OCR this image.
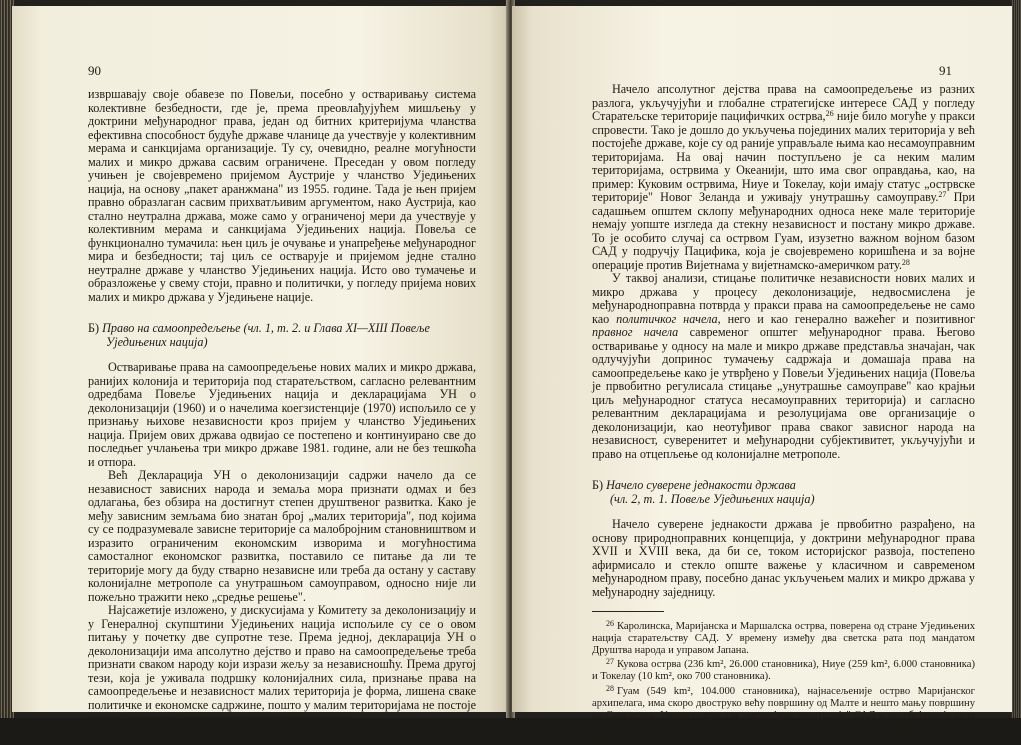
90

извршавају своје обавезе по Повељи, посебно у остваривању система колективне безбедности, где је, према преовлађујућем мишљењу у доктрини међународног права, један од битних критеријума чланства ефективна способност будуће државе чланице да учествује у колективним мерама и санкцијама организације. Ту су, очевидно, реалне могућности малих и микро држава сасвим ограничене. Преседан у овом погледу учињен је својевремено пријемом Аустрије у чланство Уједињених нација, на основу „пакет аранжмана" из 1955. године. Тада је њен пријем правно образлаган сасвим прихватљивим аргументом, нако Аустрија, као стално неутрална држава, може само у ограниченој мери да учествује у колективним мерама и санкцијама Уједињених нација. Повеља се функционално тумачила: њен циљ је очување и унапређење међународног мира и безбедности; тај циљ се остварује и пријемом једне стално неутралне државе у чланство Уједињених нација. Исто ово тумачење и образложење у свему стоји, правно и политички, у погледу пријема нових малих и микро држава у Уједињене нације.

Б) Право на самоопредељење (чл. 1, т. 2. и Глава XI—XIII Повеље
Уједињених нација)

Остваривање права на самоопредељење нових малих и микро држава, ранијих колонија и територија под старатељством, сагласно релевантним одредбама Повеље Уједињених нација и декларацијама УН о деколонизацији (1960) и о начелима коегзистенције (1970) испољило се у признању њихове независности кроз пријем у чланство Уједињених нација. Пријем ових држава одвијао се постепено и континуирано све до последњег учлањења три микро државе 1981. године, али не без тешкоћа и отпора.

Већ Декларација УН о деколонизацији садржи начело да се независност зависних народа и земаља мора признати одмах и без одлагања, без обзира на достигнут степен друштвеног развитка. Како је међу зависним земљама био знатан број „малих територија", под којима су се подразумевале зависне територије са малобројним становништвом и изразито ограниченим економским изворима и могућностима самосталног економског развитка, поставило се питање да ли те територије могу да буду стварно независне или треба да остану у саставу колонијалне метрополе са унутрашњом самоуправом, односно није ли пожељно тражити неко „средње решење".

Најсажетије изложено, у дискусијама у Комитету за деколонизацију и у Генералној скупштини Уједињених нација испољиле су се о овом питању у почетку две супротне тезе. Према једној, декларација УН о деколонизацији има апсолутно дејство и право на самоопредељење треба признати сваком народу који изрази жељу за независношћу. Према другој тези, која је уживала подршку колонијалних сила, признање права на самоопредељење и независност малих територија је форма, лишена сваке политичке и економске садржине, пошто у малим територијама не постоје реални услови за остваривање праве независности.

91

Начело апсолутног дејства права на самоопредељење из разних разлога, укључујући и глобалне стратегијске интересе САД у погледу Старатељске територије пацифичких острва,$^{26}$ није било могуће у пракси спровести. Тако је дошло до укључења појединих малих територија у већ постојеће државе, које су од раније управљале њима као несамоуправним територијама. На овај начин поступљено је са неким малим територијама, острвима у Океанији, што има свог оправдања, као, на пример: Куковим острвима, Ниуе и Токелау, који имају статус „острвске територије" Новог Зеланда и уживају унутрашњу самоуправу.$^{27}$ При садашњем општем склопу међународних односа неке мале територије немају уопште изгледа да стекну независност и постану микро државе. То је особито случај са острвом Гуам, изузетно важном војном базом САД у подручју Пацифика, која је својевремено коришћена и за војне операције против Вијетнама у вијетнамско-америчком рату.$^{28}$

У таквој анализи, стицање политичке независности нових малих и микро држава у процесу деколонизације, недвосмислена је међународноправна потврда у пракси права на самоопредељење не само као политичког начела, него и као генерално важећег и позитивног правног начела савременог општег међународног права. Његово остваривање у односу на мале и микро државе представља значајан, чак одлучујући допринос тумачењу садржаја и домашаја права на самоопредељење како је утврђено у Повељи Уједињених нација (Повеља је првобитно регулисала стицање „унутрашње самоуправе" као крајњи циљ међународног статуса несамоуправних територија) и сагласно релевантним декларацијама и резолуцијама ове организације о деколонизацији, као неотуђивог права сваког зависног народа на независност, суверенитет и међународни субјективитет, укључујући и право на отцепљење од колонијалне метрополе.

Б) Начело суверене једнакости држава
(чл. 2, т. 1. Повеље Уједињених нација)

Начело суверене једнакости држава је првобитно разрађено, на основу природноправних концепција, у доктрини међународног права XVII и XVIII века, да би се, током историјског развоја, постепено афирмисало и стекло опште важење у класичном и савременом међународном праву, посебно данас укључењем малих и микро држава у међународну заједницу.

$^{26}$ Каролинска, Маријанска и Маршалска острва, поверена од стране Уједињених нација старатељству САД. У времену између два светска рата под мандатом Друштва народа и управом Јапана.

$^{27}$ Кукова острва (236 km², 26.000 становника), Ниуе (259 km², 6.000 становника) и Токелау (10 km², око 700 становника).

$^{28}$ Гуам (549 km², 104.000 становника), најнасељеније острво Маријанског архипелага, има скоро двоструко већу површину од Малте и нешто мању површину од Сингапура. Ужива статус тзв. „неуређене територије" САД и ослобођено је свих дажбина и царина. Гуамци су држављани САД, али без права учешћа на председничким изборима.
